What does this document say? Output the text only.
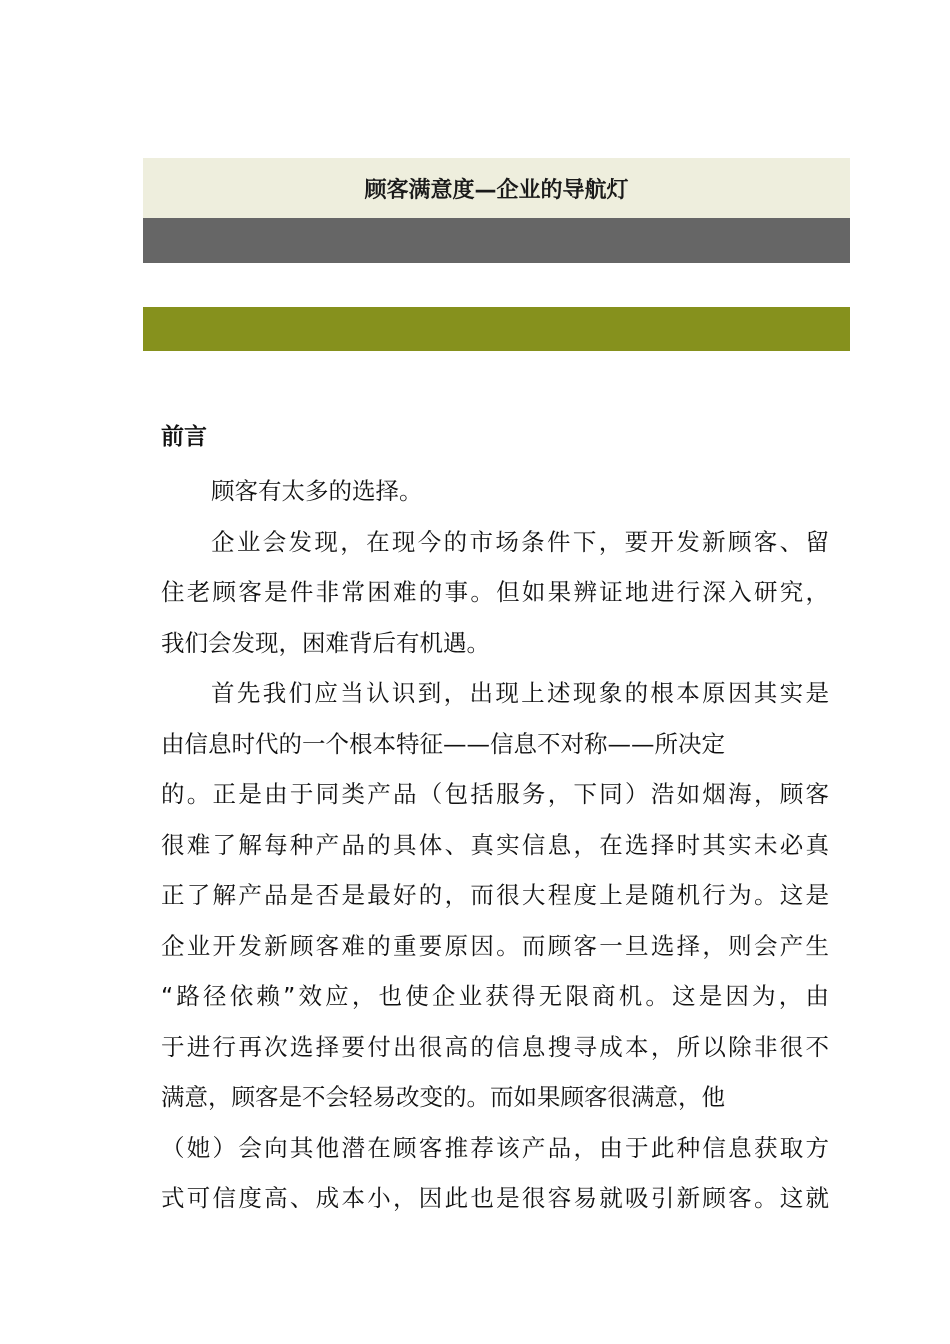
顾客满意度—企业的导航灯
前言
顾客有太多的选择。
企业会发现，在现今的市场条件下，要开发新顾客、留
住老顾客是件非常困难的事。但如果辨证地进行深入研究，
我们会发现，困难背后有机遇。
首先我们应当认识到，出现上述现象的根本原因其实是
由信息时代的一个根本特征——信息不对称——所决定
的。正是由于同类产品（包括服务，下同）浩如烟海，顾客
很难了解每种产品的具体、真实信息，在选择时其实未必真
正了解产品是否是最好的，而很大程度上是随机行为。这是
企业开发新顾客难的重要原因。而顾客一旦选择，则会产生
“路径依赖”效应，也使企业获得无限商机。这是因为，由
于进行再次选择要付出很高的信息搜寻成本，所以除非很不
满意，顾客是不会轻易改变的。而如果顾客很满意，他
（她）会向其他潜在顾客推荐该产品，由于此种信息获取方
式可信度高、成本小，因此也是很容易就吸引新顾客。这就
